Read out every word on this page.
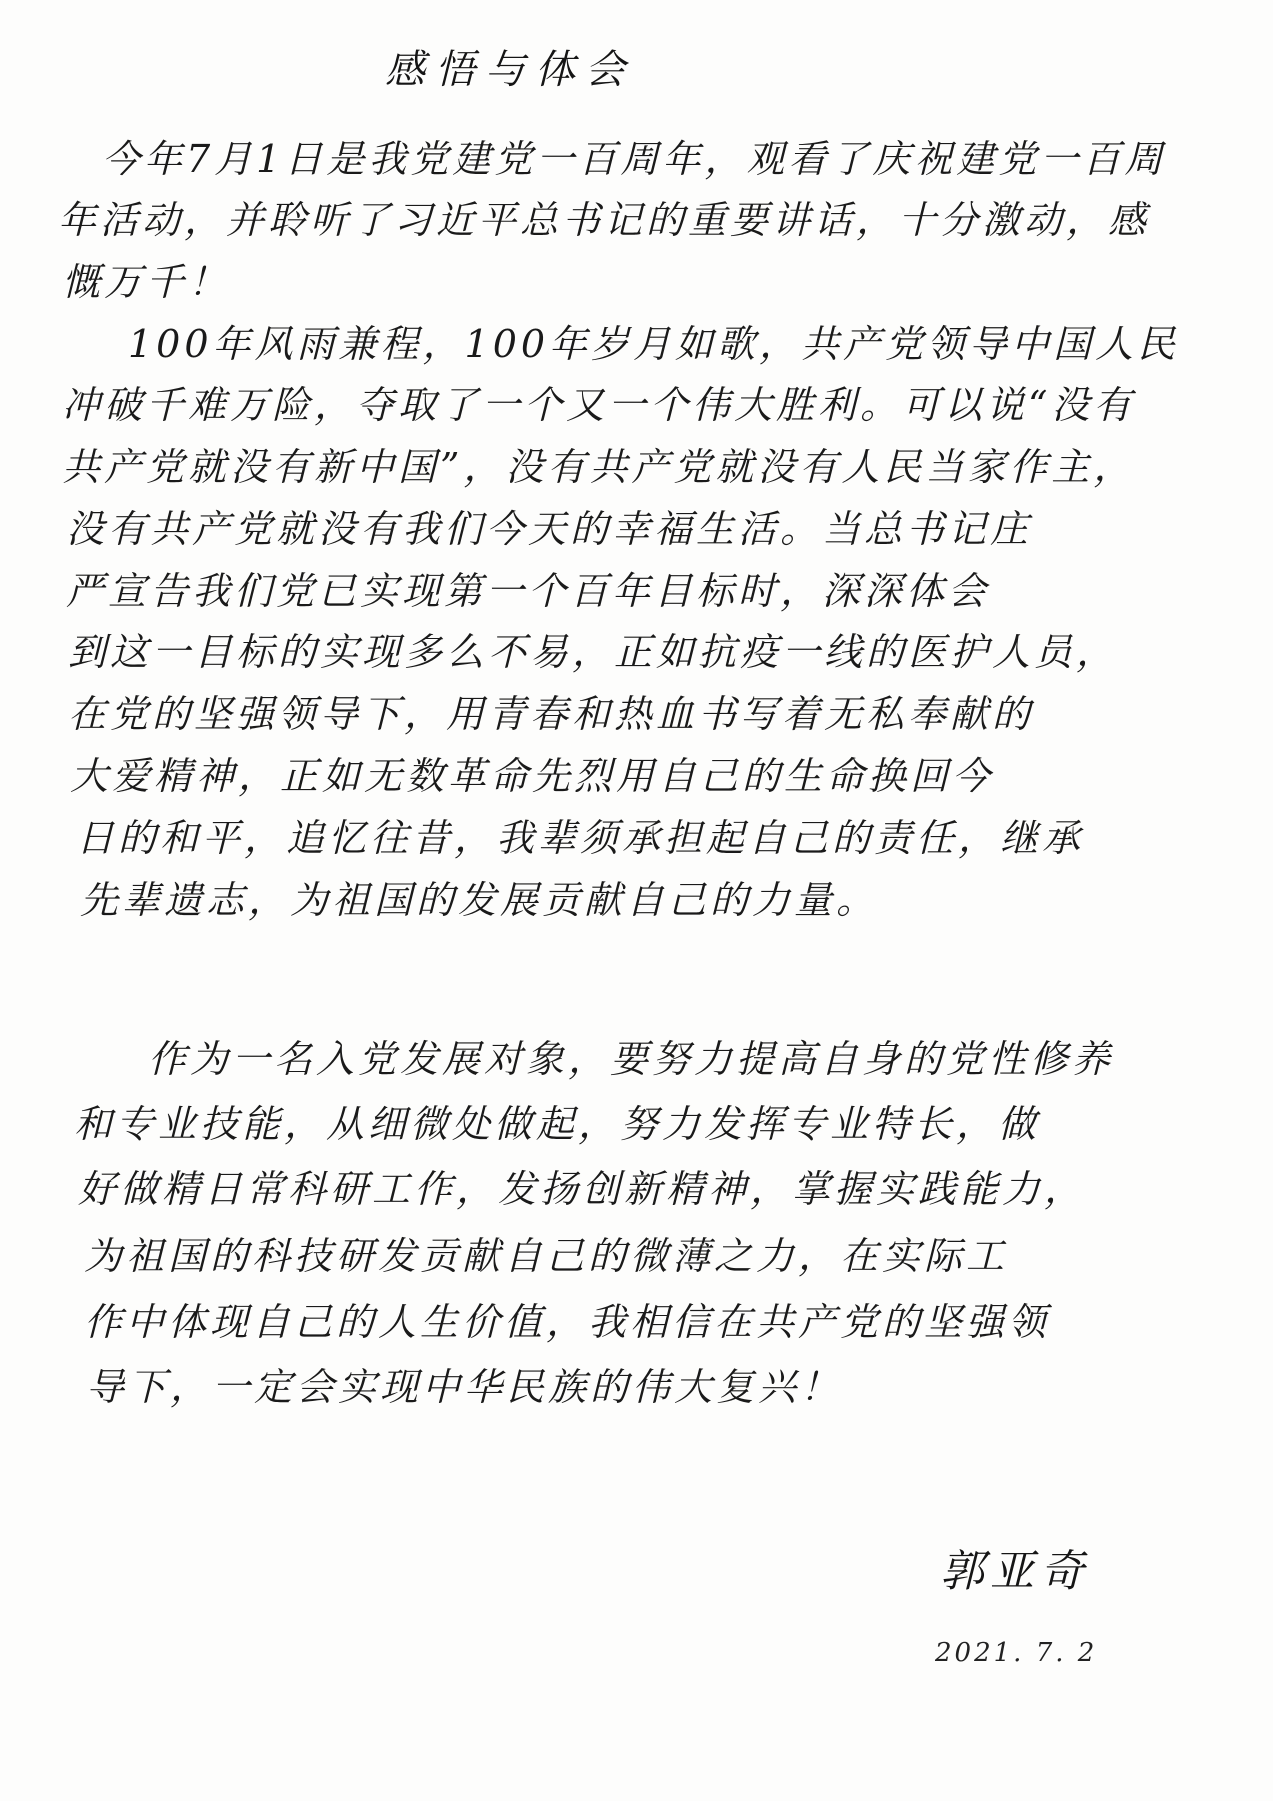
感悟与体会
今年7月1日是我党建党一百周年，观看了庆祝建党一百周
年活动，并聆听了习近平总书记的重要讲话，十分激动，感
慨万千！
100年风雨兼程，100年岁月如歌，共产党领导中国人民
冲破千难万险，夺取了一个又一个伟大胜利。可以说“没有
共产党就没有新中国”，没有共产党就没有人民当家作主，
没有共产党就没有我们今天的幸福生活。当总书记庄
严宣告我们党已实现第一个百年目标时，深深体会
到这一目标的实现多么不易，正如抗疫一线的医护人员，
在党的坚强领导下，用青春和热血书写着无私奉献的
大爱精神，正如无数革命先烈用自己的生命换回今
日的和平，追忆往昔，我辈须承担起自己的责任，继承
先辈遗志，为祖国的发展贡献自己的力量。
作为一名入党发展对象，要努力提高自身的党性修养
和专业技能，从细微处做起，努力发挥专业特长，做
好做精日常科研工作，发扬创新精神，掌握实践能力，
为祖国的科技研发贡献自己的微薄之力，在实际工
作中体现自己的人生价值，我相信在共产党的坚强领
导下，一定会实现中华民族的伟大复兴！
郭亚奇
2021. 7. 2
